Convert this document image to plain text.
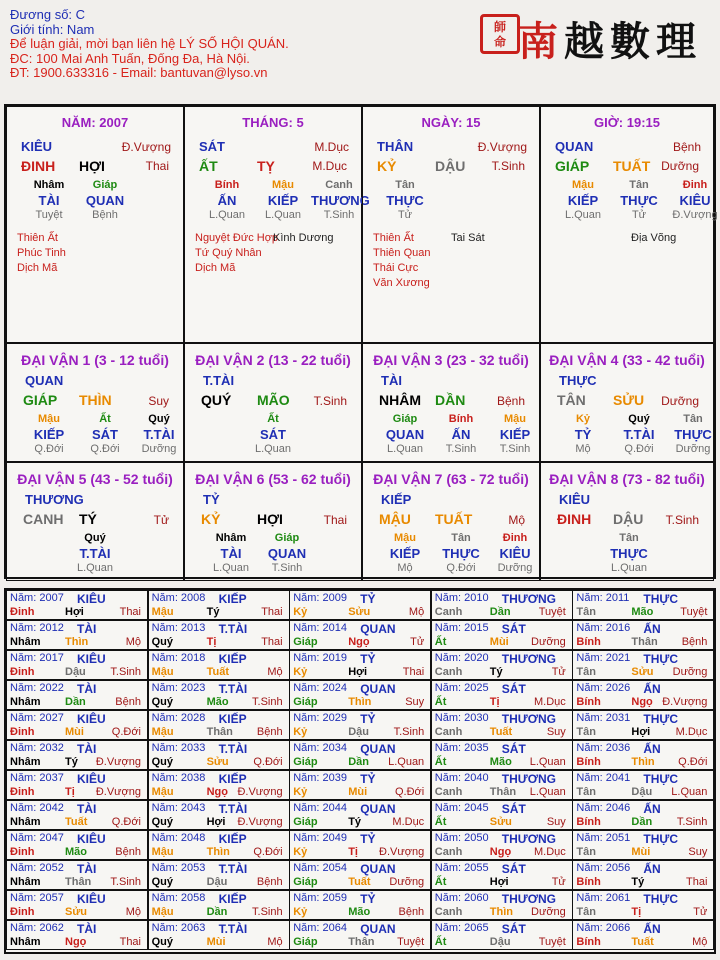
Đương số: C
Giới tính: Nam
Để luận giải, mời bạn liên hệ LÝ SỐ HỘI QUÁN.
ĐC: 100 Mai Anh Tuấn, Đống Đa, Hà Nội.
ĐT: 1900.633316 - Email: bantuvan@lyso.vn
師
命 南越數理
NĂM: 2007
KIÊU	Đ.Vượng
ĐINH HỢI	Thai
Nhâm
TÀI
Tuyệt
Giáp
QUAN
Bệnh
Thiên Ất
Phúc Tinh
Dịch Mã
THÁNG: 5
SÁT	M.Dục
ẤT	TỴ	M.Dục
Bính
ẤN
L.Quan
Mậu
KIẾP
L.Quan
Canh
THƯƠNG
T.Sinh
Nguyệt Đức Hợp
Tứ Quý Nhân
Dịch Mã
Kình Dương
NGÀY: 15
THÂN	Đ.Vượng
KỶ	DẬU T.Sinh
Tân
THỰC
Tử
Thiên Ất
Thiên Quan
Thái Cực
Văn Xương
Tai Sát
GIỜ: 19:15
QUAN	Bệnh
GIÁP TUẤT Dưỡng
Mậu
KIẾP
L.Quan
Tân
THỰC
Tử
Đinh
KIÊU
Đ.Vượng
Địa Võng
ĐẠI VẬN 1 (3 - 12 tuổi)
QUAN
GIÁP THÌN	Suy
Mậu
KIẾP
Q.Đới
Ất
SÁT
Q.Đới
Quý
T.TÀI
Dưỡng
ĐẠI VẬN 2 (13 - 22 tuổi)
T.TÀI
QUÝ MÃO T.Sinh
Ất
SÁT
L.Quan
ĐẠI VẬN 3 (23 - 32 tuổi)
TÀI
NHÂM DẦN	Bệnh
Giáp
QUAN
L.Quan
Bính
ẤN
T.Sinh
Mậu
KIẾP
T.Sinh
ĐẠI VẬN 4 (33 - 42 tuổi)
THỰC
TÂN SỬU Dưỡng
Kỷ
TỶ
Mộ
Quý
T.TÀI
Q.Đới
Tân
THỰC
Dưỡng
ĐẠI VẬN 5 (43 - 52 tuổi)
THƯƠNG
CANH TÝ	Tử
Quý
T.TÀI
L.Quan
ĐẠI VẬN 6 (53 - 62 tuổi)
TỶ
KỶ	HỢI	Thai
Nhâm
TÀI
L.Quan
Giáp
QUAN
T.Sinh
ĐẠI VẬN 7 (63 - 72 tuổi)
KIẾP
MẬU TUẤT	Mộ
Mậu
KIẾP
Mộ
Tân
THỰC
Q.Đới
Đinh
KIÊU
Dưỡng
ĐẠI VẬN 8 (73 - 82 tuổi)
KIÊU
ĐINH DẬU T.Sinh
Tân
THỰC
L.Quan
Năm: 2007 KIÊU
Đinh	Hợi	Thai
Năm: 2008 KIẾP
Mậu	Tý	Thai
Năm: 2009 TỶ
Kỷ	Sửu	Mộ
Năm: 2010 THƯƠNG
Canh	Dần	Tuyệt
Năm: 2011 THỰC
Tân	Mão Tuyệt
Năm: 2012 TÀI
Nhâm Thìn	Mộ
Năm: 2013 T.TÀI
Quý	Tị	Thai
Năm: 2014 QUAN
Giáp	Ngọ	Tử
Năm: 2015 SÁT
Ất	Mùi Dưỡng
Năm: 2016 ẤN
Bính	Thân Bệnh
Năm: 2017 KIÊU
Đinh	Dậu T.Sinh
Năm: 2018 KIẾP
Mậu	Tuất	Mộ
Năm: 2019 TỶ
Kỷ	Hợi	Thai
Năm: 2020 THƯƠNG
Canh	Tý	Tử
Năm: 2021 THỰC
Tân	Sửu Dưỡng
Năm: 2022 TÀI
Nhâm Dần	Bệnh
Năm: 2023 T.TÀI
Quý	Mão T.Sinh
Năm: 2024 QUAN
Giáp	Thìn	Suy
Năm: 2025 SÁT
Ất	Tị	M.Dục
Năm: 2026 ẤN
Bính	Ngọ Đ.Vượng
Năm: 2027 KIÊU
Đinh	Mùi	Q.Đới
Năm: 2028 KIẾP
Mậu	Thân Bệnh
Năm: 2029 TỶ
Kỷ	Dậu T.Sinh
Năm: 2030 THƯƠNG
Canh	Tuất	Suy
Năm: 2031 THỰC
Tân	Hợi M.Dục
Năm: 2032 TÀI
Nhâm Tý Đ.Vượng
Năm: 2033 T.TÀI
Quý	Sửu Q.Đới
Năm: 2034 QUAN
Giáp	Dần L.Quan
Năm: 2035 SÁT
Ất	Mão L.Quan
Năm: 2036 ẤN
Bính	Thìn Q.Đới
Năm: 2037 KIÊU
Đinh	Tị Đ.Vượng
Năm: 2038 KIẾP
Mậu	Ngọ Đ.Vượng
Năm: 2039 TỶ
Kỷ	Mùi	Q.Đới
Năm: 2040 THƯƠNG
Canh	Thân L.Quan
Năm: 2041 THỰC
Tân	Dậu L.Quan
Năm: 2042 TÀI
Nhâm Tuất Q.Đới
Năm: 2043 T.TÀI
Quý	Hợi Đ.Vượng
Năm: 2044 QUAN
Giáp	Tý	M.Dục
Năm: 2045 SÁT
Ất	Sửu	Suy
Năm: 2046 ẤN
Bính	Dần T.Sinh
Năm: 2047 KIÊU
Đinh	Mão	Bệnh
Năm: 2048 KIẾP
Mậu	Thìn Q.Đới
Năm: 2049 TỶ
Kỷ	Tị Đ.Vượng
Năm: 2050 THƯƠNG
Canh	Ngọ M.Dục
Năm: 2051 THỰC
Tân	Mùi	Suy
Năm: 2052 TÀI
Nhâm Thân T.Sinh
Năm: 2053 T.TÀI
Quý	Dậu	Bệnh
Năm: 2054 QUAN
Giáp	Tuất Dưỡng
Năm: 2055 SÁT
Ất	Hợi	Tử
Năm: 2056 ẤN
Bính	Tý	Thai
Năm: 2057 KIÊU
Đinh	Sửu	Mộ
Năm: 2058 KIẾP
Mậu	Dần T.Sinh
Năm: 2059 TỶ
Kỷ	Mão	Bệnh
Năm: 2060 THƯƠNG
Canh	Thìn Dưỡng
Năm: 2061 THỰC
Tân	Tị	Tử
Năm: 2062 TÀI
Nhâm Ngọ	Thai
Năm: 2063 T.TÀI
Quý	Mùi	Mộ
Năm: 2064 QUAN
Giáp	Thân Tuyệt
Năm: 2065 SÁT
Ất	Dậu	Tuyệt
Năm: 2066 ẤN
Bính	Tuất	Mộ
